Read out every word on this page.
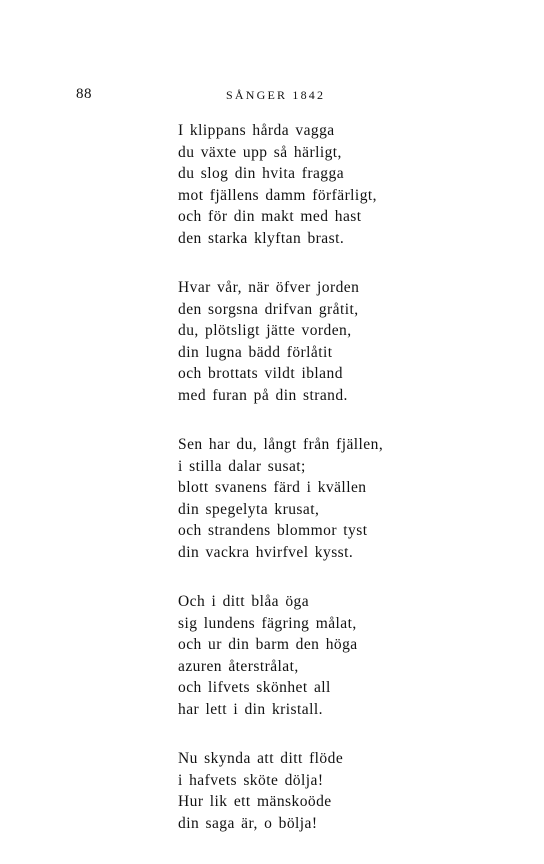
88	SÅNGER 1842
I klippans hårda vagga
du växte upp så härligt,
du slog din hvita fragga
mot fjällens damm förfärligt,
och för din makt med hast
den starka klyftan brast.
Hvar vår, när öfver jorden
den sorgsna drifvan gråtit,
du, plötsligt jätte vorden,
din lugna bädd förlåtit
och brottats vildt ibland
med furan på din strand.
Sen har du, långt från fjällen,
i stilla dalar susat;
blott svanens färd i kvällen
din spegelyta krusat,
och strandens blommor tyst
din vackra hvirfvel kysst.
Och i ditt blåa öga
sig lundens fägring målat,
och ur din barm den höga
azuren återstrålat,
och lifvets skönhet all
har lett i din kristall.
Nu skynda att ditt flöde
i hafvets sköte dölja!
Hur lik ett mänskoöde
din saga är, o bölja!
